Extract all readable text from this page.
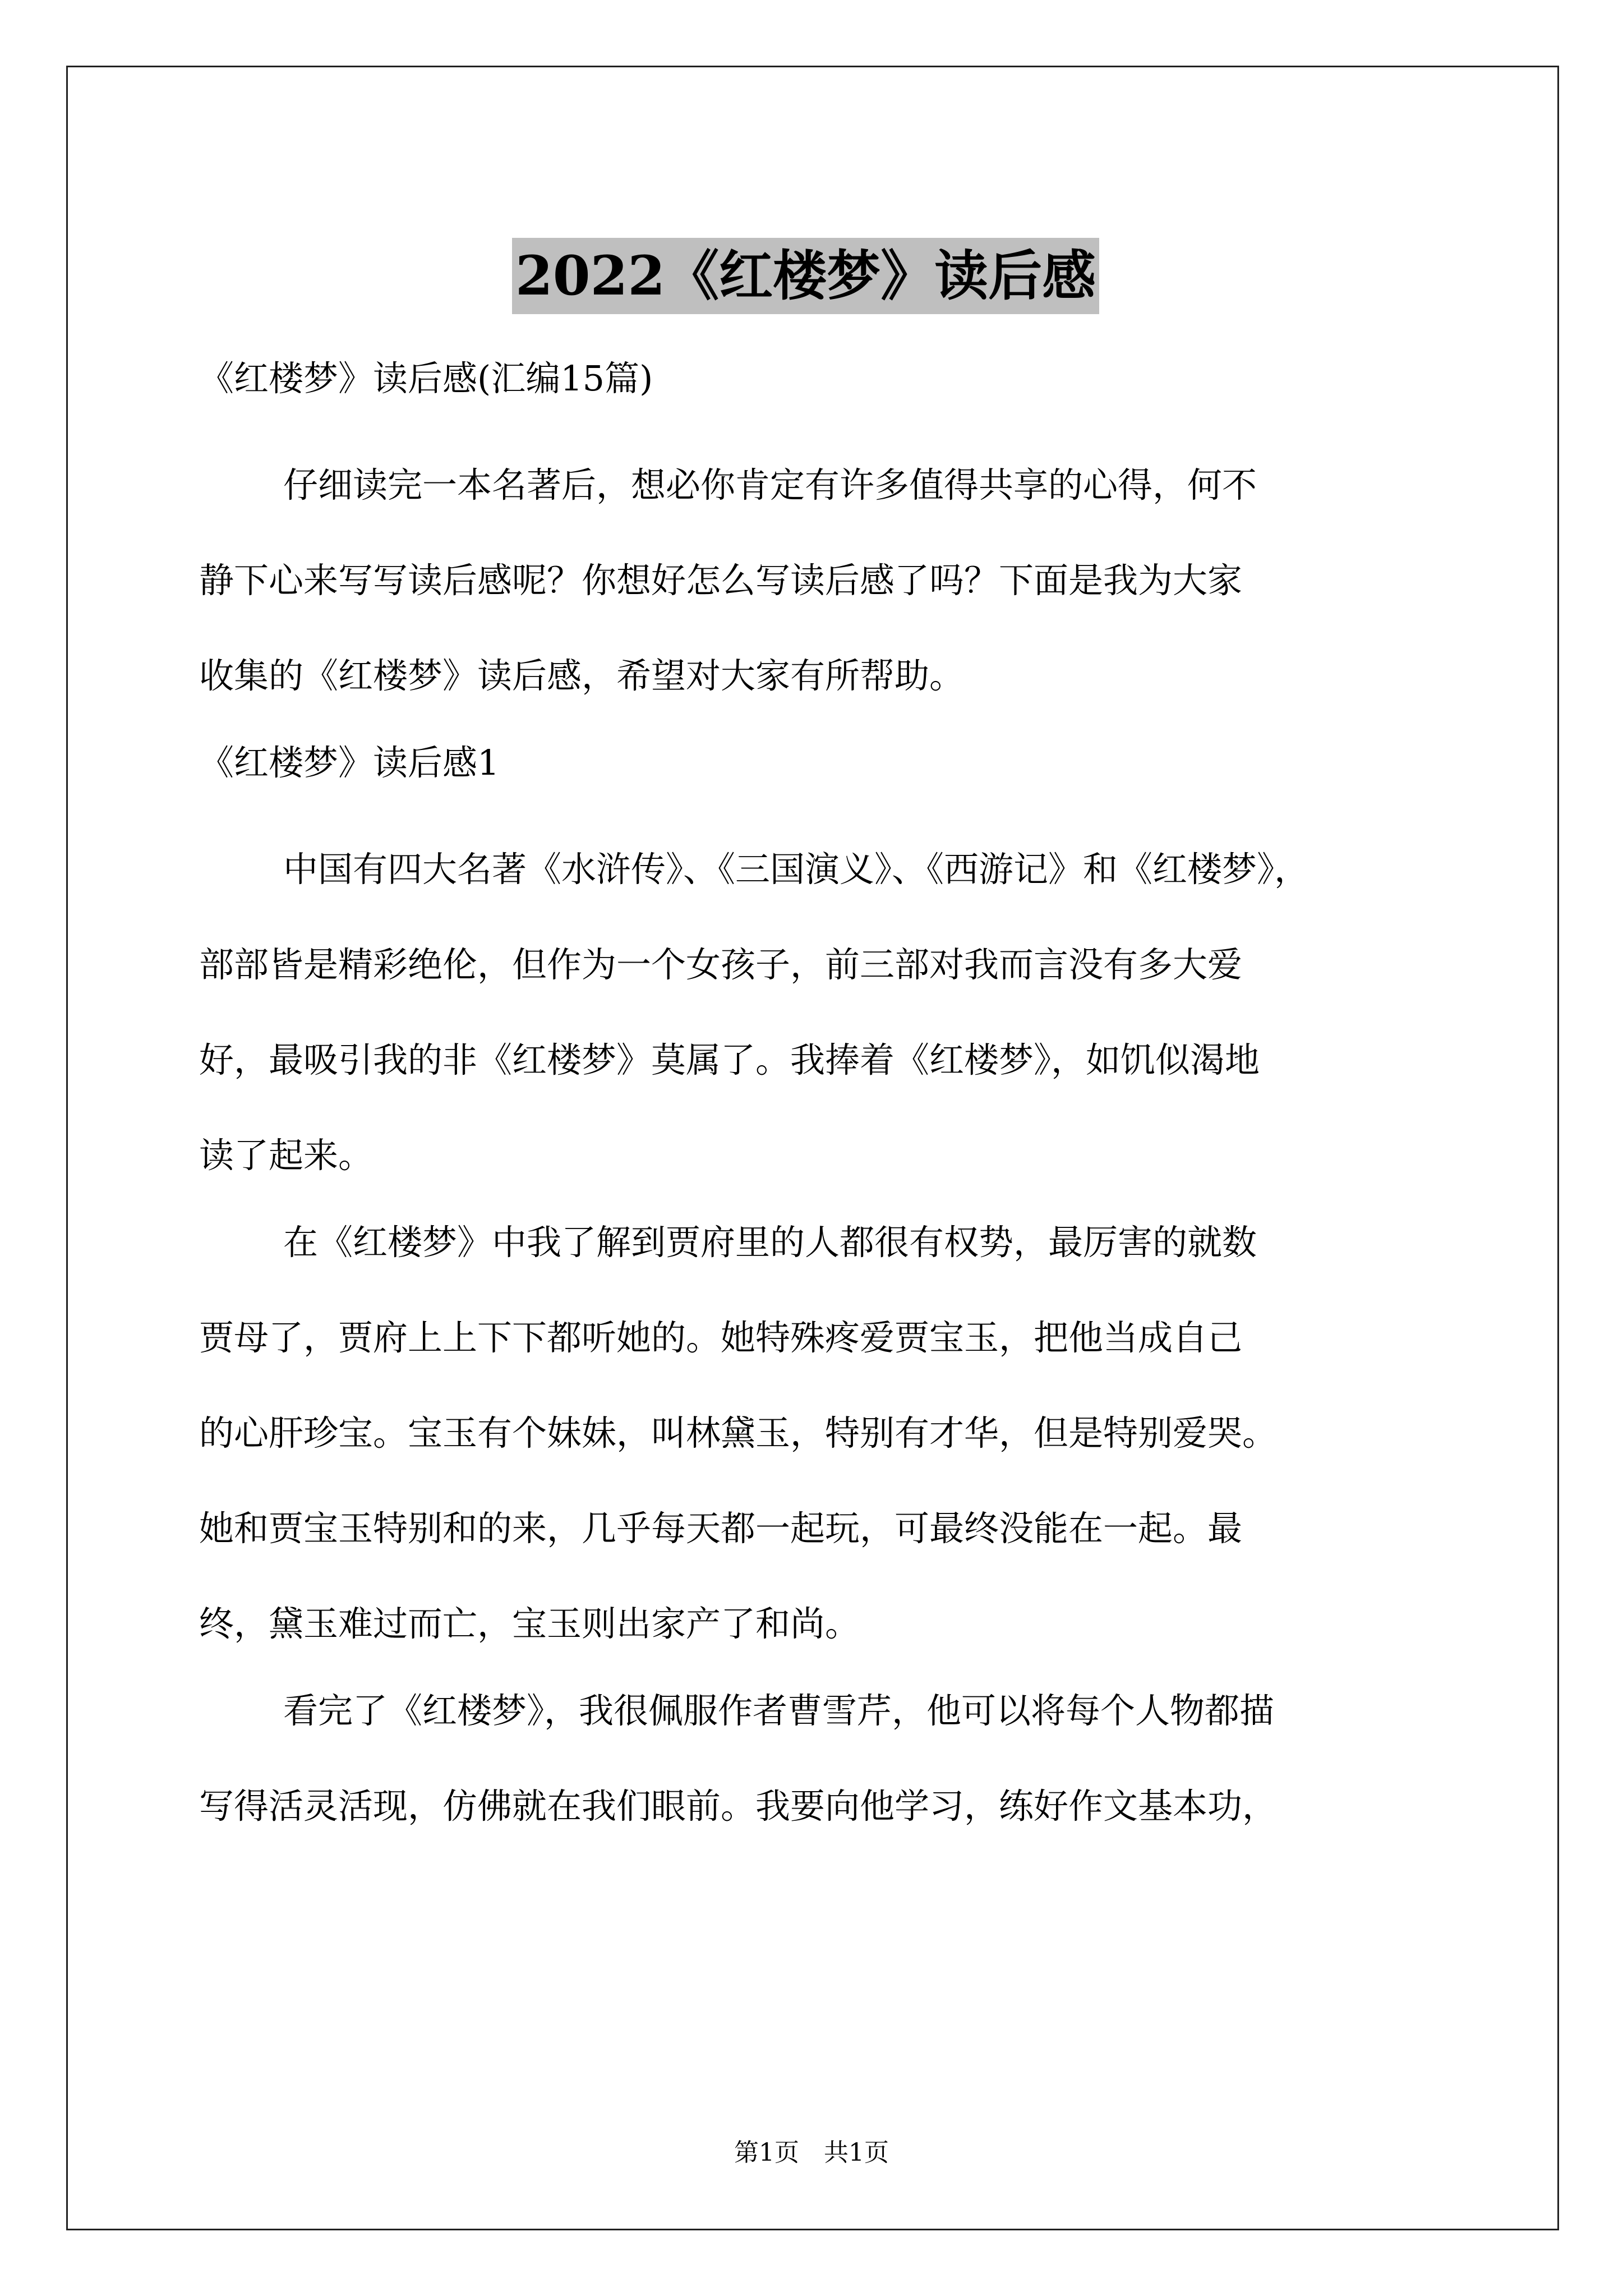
2022《红楼梦》读后感
《红楼梦》读后感(汇编15篇)

仔细读完一本名著后，想必你肯定有许多值得共享的心得，何不
静下心来写写读后感呢？你想好怎么写读后感了吗？下面是我为大家
收集的《红楼梦》读后感，希望对大家有所帮助。

《红楼梦》读后感1

中国有四大名著《水浒传》、《三国演义》、《西游记》和《红楼梦》，
部部皆是精彩绝伦，但作为一个女孩子，前三部对我而言没有多大爱
好，最吸引我的非《红楼梦》莫属了。我捧着《红楼梦》，如饥似渴地
读了起来。

在《红楼梦》中我了解到贾府里的人都很有权势，最厉害的就数
贾母了，贾府上上下下都听她的。她特殊疼爱贾宝玉，把他当成自己
的心肝珍宝。宝玉有个妹妹，叫林黛玉，特别有才华，但是特别爱哭。
她和贾宝玉特别和的来，几乎每天都一起玩，可最终没能在一起。最
终，黛玉难过而亡，宝玉则出家产了和尚。

看完了《红楼梦》，我很佩服作者曹雪芹，他可以将每个人物都描
写得活灵活现，仿佛就在我们眼前。我要向他学习，练好作文基本功，

第1页　共1页
